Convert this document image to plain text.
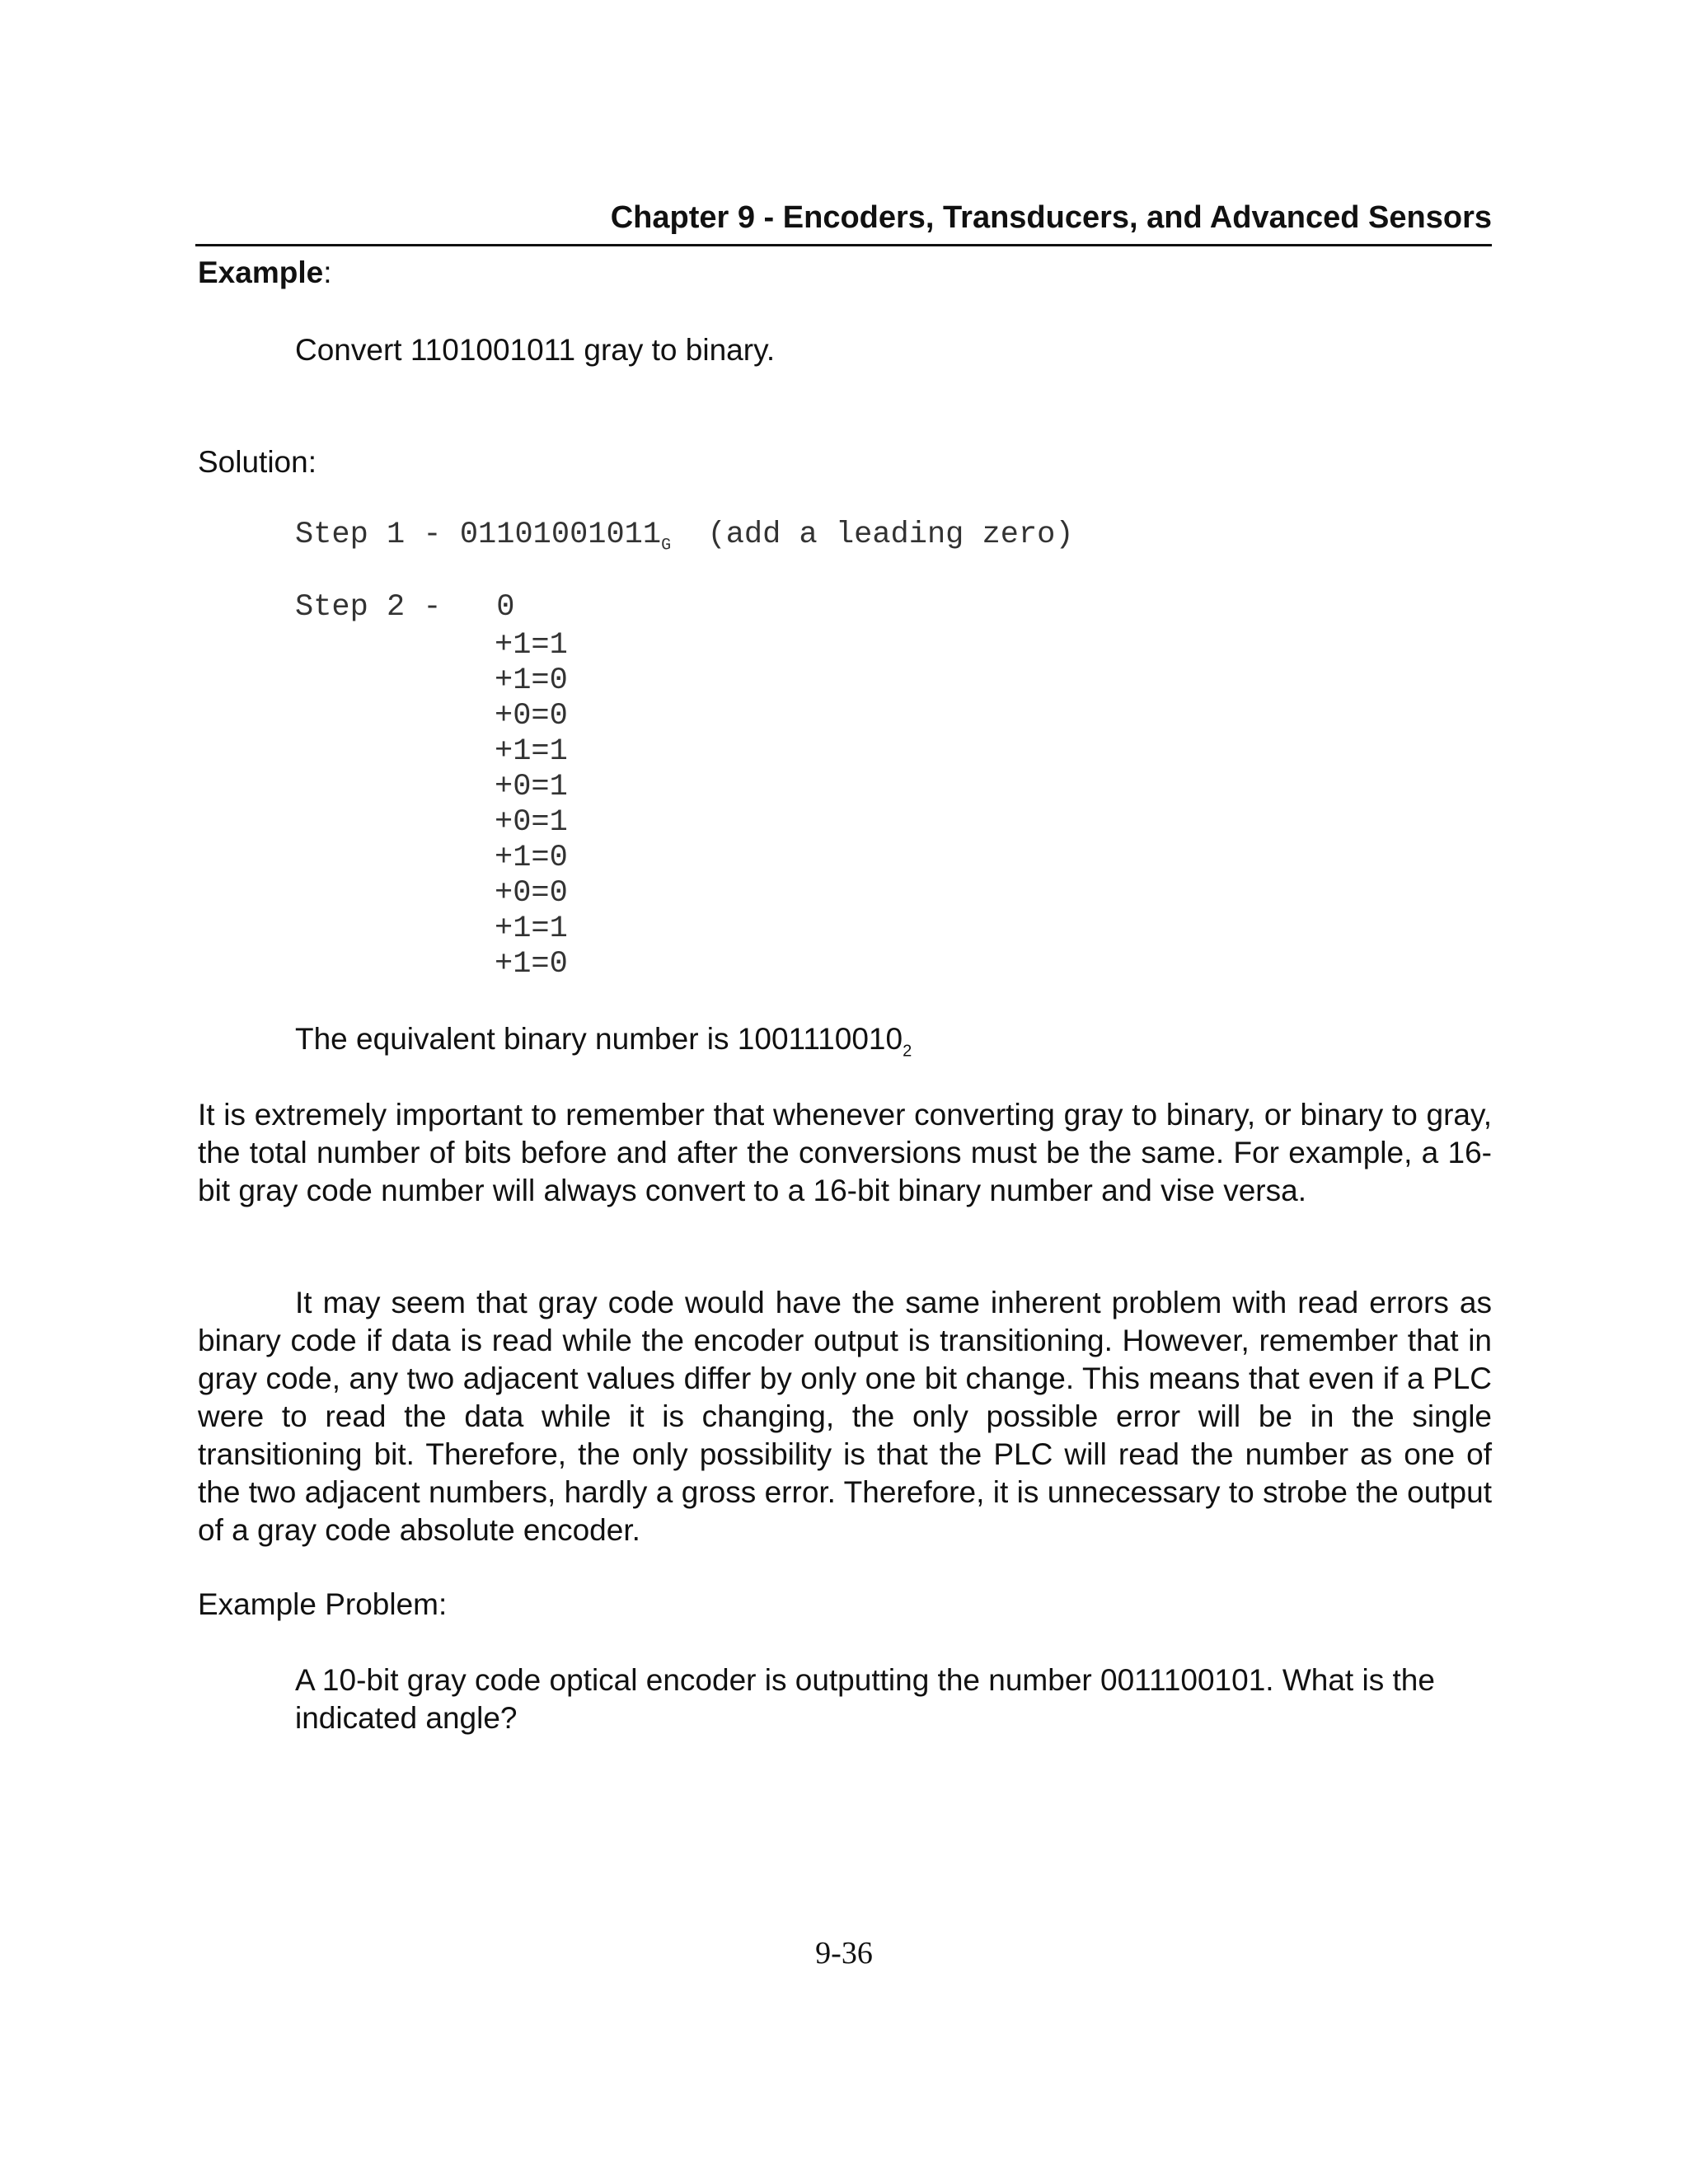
Chapter 9 - Encoders, Transducers, and Advanced Sensors
Example:
Convert 1101001011 gray to binary.
Solution:
Step $1 - 01101001011_G$  (add a leading zero)
Step 2 -   0
+1=1
+1=0
+0=0
+1=1
+0=1
+0=1
+1=0
+0=0
+1=1
+1=0
The equivalent binary number is $1001110010_2$
It is extremely important to remember that whenever converting gray to binary, or binary to gray, the total number of bits before and after the conversions must be the same. For example, a 16-bit gray code number will always convert to a 16-bit binary number and vise versa.
It may seem that gray code would have the same inherent problem with read errors as binary code if data is read while the encoder output is transitioning. However, remember that in gray code, any two adjacent values differ by only one bit change. This means that even if a PLC were to read the data while it is changing, the only possible error will be in the single transitioning bit. Therefore, the only possibility is that the PLC will read the number as one of the two adjacent numbers, hardly a gross error. Therefore, it is unnecessary to strobe the output of a gray code absolute encoder.
Example Problem:
A 10-bit gray code optical encoder is outputting the number 0011100101. What is the indicated angle?
9-36
